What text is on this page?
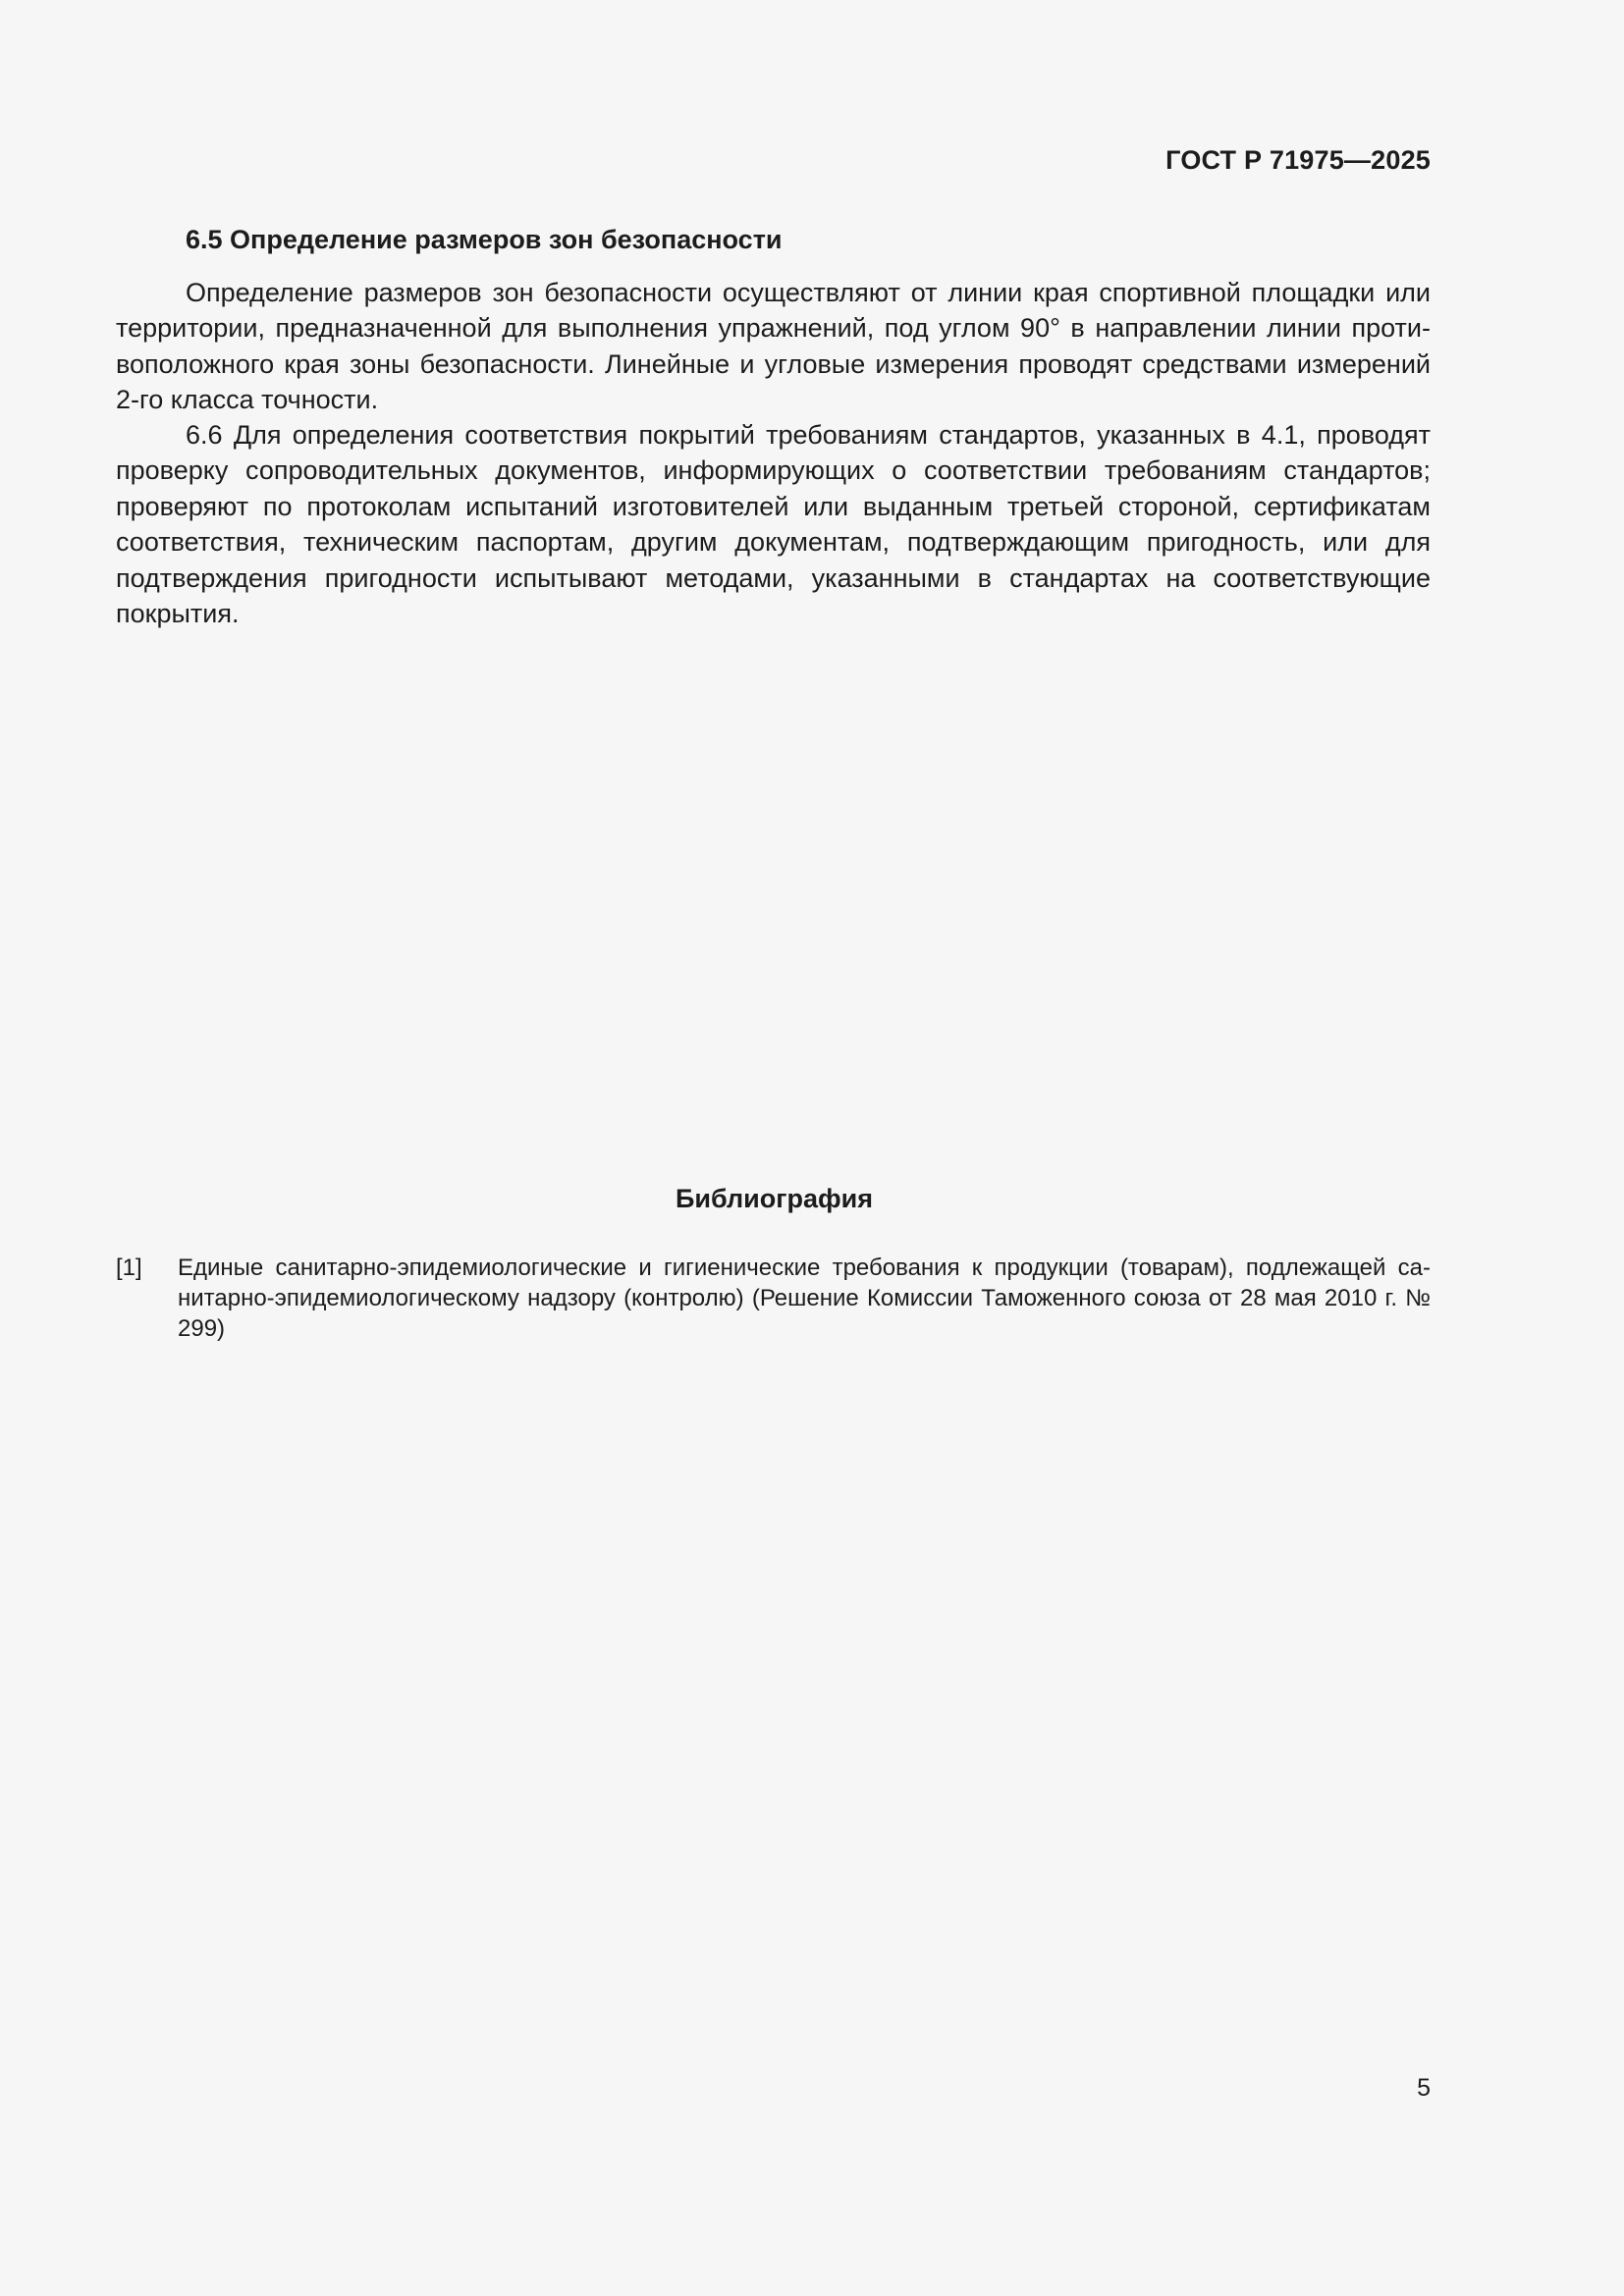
ГОСТ Р 71975—2025
6.5 Определение размеров зон безопасности

Определение размеров зон безопасности осуществляют от линии края спортивной площадки или территории, предназначенной для выполнения упражнений, под углом 90° в направлении линии противоположного края зоны безопасности. Линейные и угловые измерения проводят средствами измерений 2-го класса точности.

6.6 Для определения соответствия покрытий требованиям стандартов, указанных в 4.1, проводят проверку сопроводительных документов, информирующих о соответствии требованиям стандартов; проверяют по протоколам испытаний изготовителей или выданным третьей стороной, сертификатам соответствия, техническим паспортам, другим документам, подтверждающим пригодность, или для подтверждения пригодности испытывают методами, указанными в стандартах на соответствующие покрытия.

Библиография
[1] Единые санитарно-эпидемиологические и гигиенические требования к продукции (товарам), подлежащей санитарно-эпидемиологическому надзору (контролю) (Решение Комиссии Таможенного союза от 28 мая 2010 г. № 299)
5
